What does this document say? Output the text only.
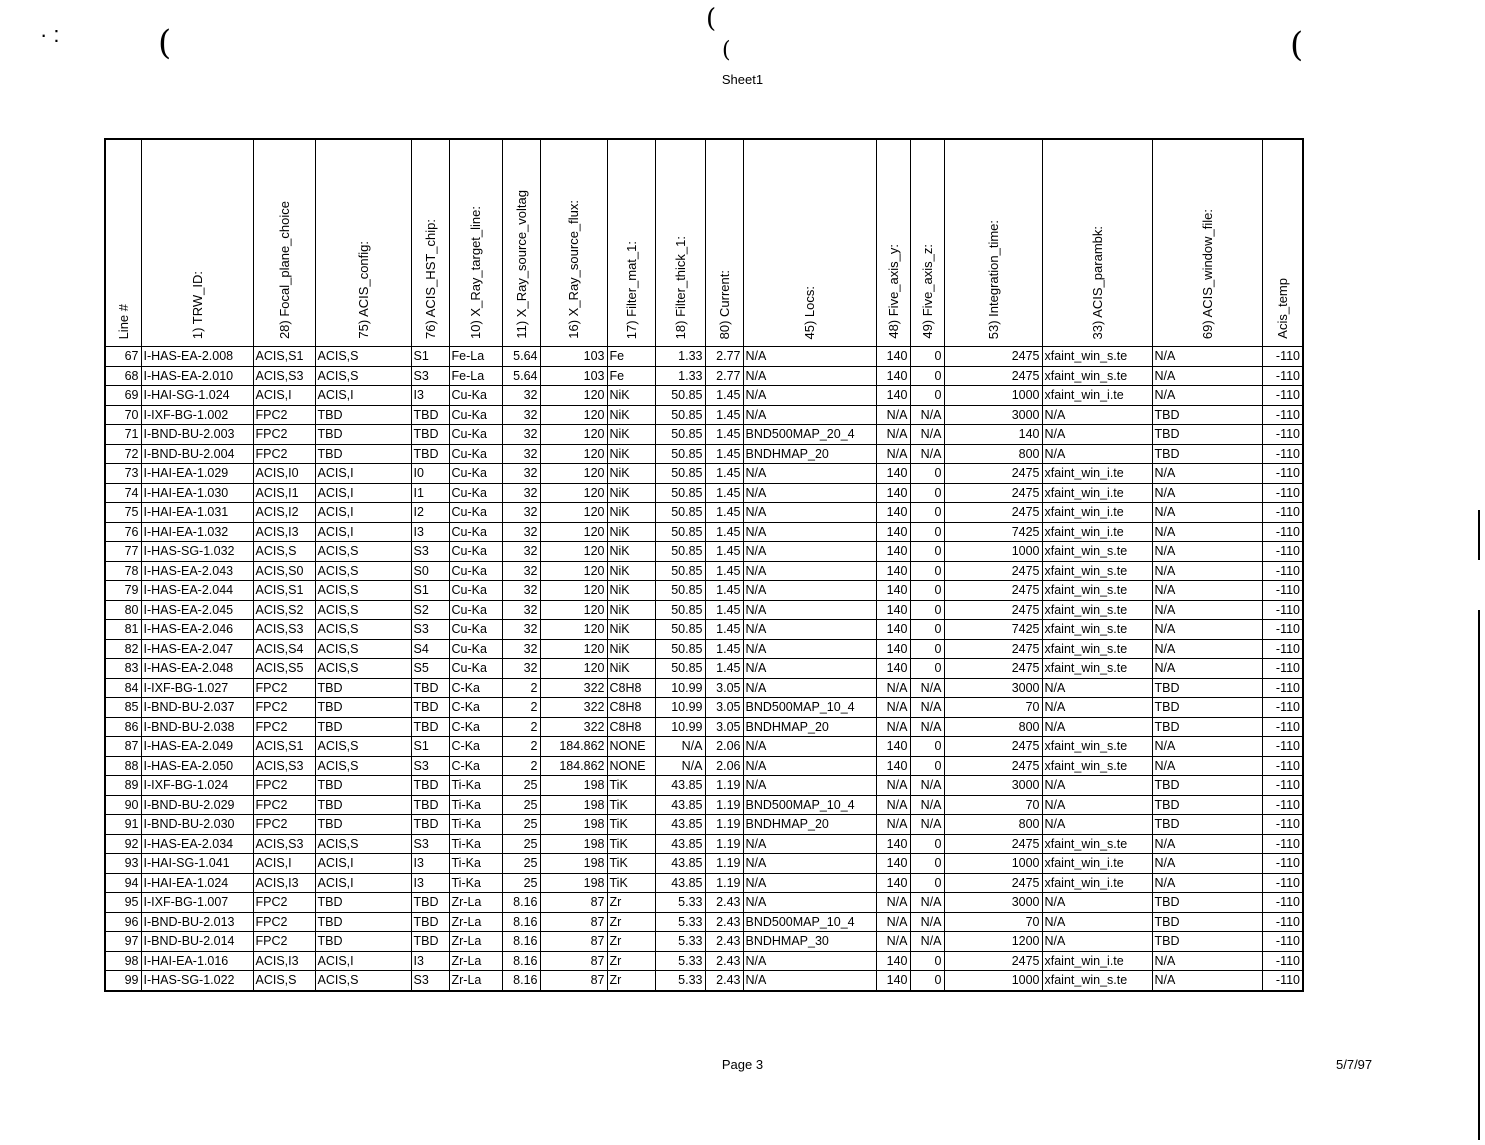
·:	(
(
(	(
Sheet1
Line #	1) TRW_ID:	28) Focal_plane_choice	75) ACIS_config:	76) ACIS_HST_chip:	10) X_Ray_target_line:	11) X_Ray_source_voltag	16) X_Ray_source_flux:	17) Filter_mat_1:	18) Filter_thick_1:	80) Current:	45) Locs:	48) Five_axis_y:	49) Five_axis_z:	53) Integration_time:	33) ACIS_parambk:	69) ACIS_window_file:	Acis_temp
67	I-HAS-EA-2.008	ACIS,S1	ACIS,S	S1	Fe-La	5.64	103	Fe	1.33	2.77	N/A	140	0	2475	xfaint_win_s.te	N/A	-110
68	I-HAS-EA-2.010	ACIS,S3	ACIS,S	S3	Fe-La	5.64	103	Fe	1.33	2.77	N/A	140	0	2475	xfaint_win_s.te	N/A	-110
69	I-HAI-SG-1.024	ACIS,I	ACIS,I	I3	Cu-Ka	32	120	NiK	50.85	1.45	N/A	140	0	1000	xfaint_win_i.te	N/A	-110
70	I-IXF-BG-1.002	FPC2	TBD	TBD	Cu-Ka	32	120	NiK	50.85	1.45	N/A	N/A	N/A	3000	N/A	TBD	-110
71	I-BND-BU-2.003	FPC2	TBD	TBD	Cu-Ka	32	120	NiK	50.85	1.45	BND500MAP_20_4	N/A	N/A	140	N/A	TBD	-110
72	I-BND-BU-2.004	FPC2	TBD	TBD	Cu-Ka	32	120	NiK	50.85	1.45	BNDHMAP_20	N/A	N/A	800	N/A	TBD	-110
73	I-HAI-EA-1.029	ACIS,I0	ACIS,I	I0	Cu-Ka	32	120	NiK	50.85	1.45	N/A	140	0	2475	xfaint_win_i.te	N/A	-110
74	I-HAI-EA-1.030	ACIS,I1	ACIS,I	I1	Cu-Ka	32	120	NiK	50.85	1.45	N/A	140	0	2475	xfaint_win_i.te	N/A	-110
75	I-HAI-EA-1.031	ACIS,I2	ACIS,I	I2	Cu-Ka	32	120	NiK	50.85	1.45	N/A	140	0	2475	xfaint_win_i.te	N/A	-110
76	I-HAI-EA-1.032	ACIS,I3	ACIS,I	I3	Cu-Ka	32	120	NiK	50.85	1.45	N/A	140	0	7425	xfaint_win_i.te	N/A	-110
77	I-HAS-SG-1.032	ACIS,S	ACIS,S	S3	Cu-Ka	32	120	NiK	50.85	1.45	N/A	140	0	1000	xfaint_win_s.te	N/A	-110
78	I-HAS-EA-2.043	ACIS,S0	ACIS,S	S0	Cu-Ka	32	120	NiK	50.85	1.45	N/A	140	0	2475	xfaint_win_s.te	N/A	-110
79	I-HAS-EA-2.044	ACIS,S1	ACIS,S	S1	Cu-Ka	32	120	NiK	50.85	1.45	N/A	140	0	2475	xfaint_win_s.te	N/A	-110
80	I-HAS-EA-2.045	ACIS,S2	ACIS,S	S2	Cu-Ka	32	120	NiK	50.85	1.45	N/A	140	0	2475	xfaint_win_s.te	N/A	-110
81	I-HAS-EA-2.046	ACIS,S3	ACIS,S	S3	Cu-Ka	32	120	NiK	50.85	1.45	N/A	140	0	7425	xfaint_win_s.te	N/A	-110
82	I-HAS-EA-2.047	ACIS,S4	ACIS,S	S4	Cu-Ka	32	120	NiK	50.85	1.45	N/A	140	0	2475	xfaint_win_s.te	N/A	-110
83	I-HAS-EA-2.048	ACIS,S5	ACIS,S	S5	Cu-Ka	32	120	NiK	50.85	1.45	N/A	140	0	2475	xfaint_win_s.te	N/A	-110
84	I-IXF-BG-1.027	FPC2	TBD	TBD	C-Ka	2	322	C8H8	10.99	3.05	N/A	N/A	N/A	3000	N/A	TBD	-110
85	I-BND-BU-2.037	FPC2	TBD	TBD	C-Ka	2	322	C8H8	10.99	3.05	BND500MAP_10_4	N/A	N/A	70	N/A	TBD	-110
86	I-BND-BU-2.038	FPC2	TBD	TBD	C-Ka	2	322	C8H8	10.99	3.05	BNDHMAP_20	N/A	N/A	800	N/A	TBD	-110
87	I-HAS-EA-2.049	ACIS,S1	ACIS,S	S1	C-Ka	2	184.862	NONE	N/A	2.06	N/A	140	0	2475	xfaint_win_s.te	N/A	-110
88	I-HAS-EA-2.050	ACIS,S3	ACIS,S	S3	C-Ka	2	184.862	NONE	N/A	2.06	N/A	140	0	2475	xfaint_win_s.te	N/A	-110
89	I-IXF-BG-1.024	FPC2	TBD	TBD	Ti-Ka	25	198	TiK	43.85	1.19	N/A	N/A	N/A	3000	N/A	TBD	-110
90	I-BND-BU-2.029	FPC2	TBD	TBD	Ti-Ka	25	198	TiK	43.85	1.19	BND500MAP_10_4	N/A	N/A	70	N/A	TBD	-110
91	I-BND-BU-2.030	FPC2	TBD	TBD	Ti-Ka	25	198	TiK	43.85	1.19	BNDHMAP_20	N/A	N/A	800	N/A	TBD	-110
92	I-HAS-EA-2.034	ACIS,S3	ACIS,S	S3	Ti-Ka	25	198	TiK	43.85	1.19	N/A	140	0	2475	xfaint_win_s.te	N/A	-110
93	I-HAI-SG-1.041	ACIS,I	ACIS,I	I3	Ti-Ka	25	198	TiK	43.85	1.19	N/A	140	0	1000	xfaint_win_i.te	N/A	-110
94	I-HAI-EA-1.024	ACIS,I3	ACIS,I	I3	Ti-Ka	25	198	TiK	43.85	1.19	N/A	140	0	2475	xfaint_win_i.te	N/A	-110
95	I-IXF-BG-1.007	FPC2	TBD	TBD	Zr-La	8.16	87	Zr	5.33	2.43	N/A	N/A	N/A	3000	N/A	TBD	-110
96	I-BND-BU-2.013	FPC2	TBD	TBD	Zr-La	8.16	87	Zr	5.33	2.43	BND500MAP_10_4	N/A	N/A	70	N/A	TBD	-110
97	I-BND-BU-2.014	FPC2	TBD	TBD	Zr-La	8.16	87	Zr	5.33	2.43	BNDHMAP_30	N/A	N/A	1200	N/A	TBD	-110
98	I-HAI-EA-1.016	ACIS,I3	ACIS,I	I3	Zr-La	8.16	87	Zr	5.33	2.43	N/A	140	0	2475	xfaint_win_i.te	N/A	-110
99	I-HAS-SG-1.022	ACIS,S	ACIS,S	S3	Zr-La	8.16	87	Zr	5.33	2.43	N/A	140	0	1000	xfaint_win_s.te	N/A	-110
Page 3	5/7/97
